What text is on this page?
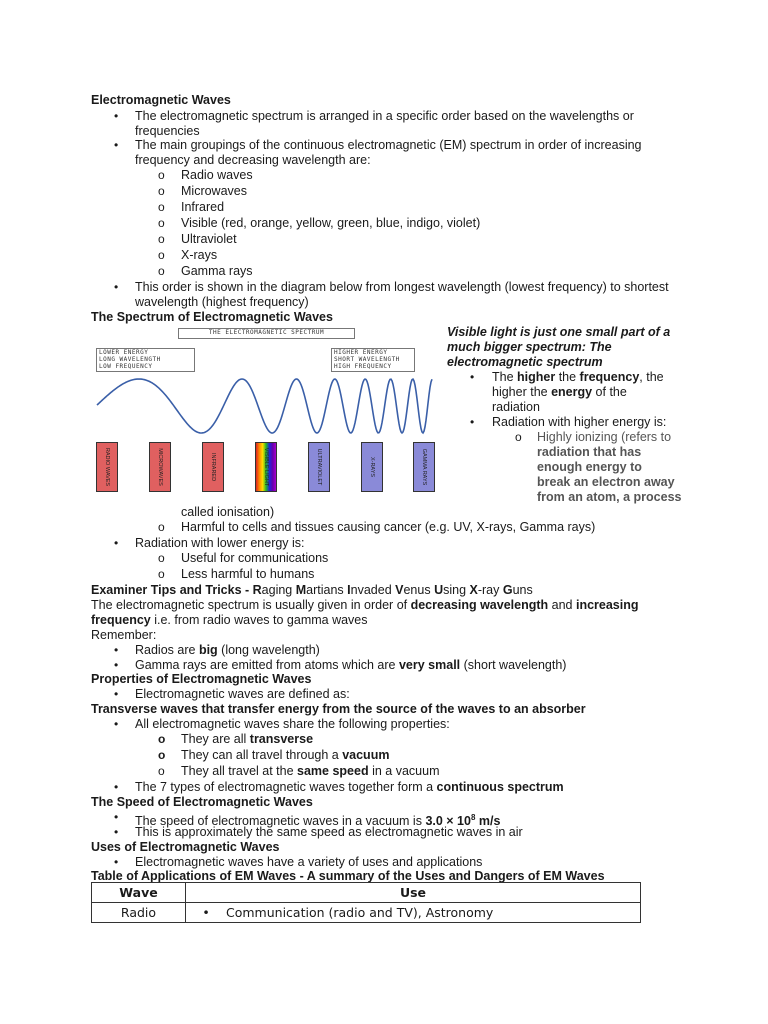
Electromagnetic Waves
• The electromagnetic spectrum is arranged in a specific order based on the wavelengths or
frequencies
• The main groupings of the continuous electromagnetic (EM) spectrum in order of increasing
frequency and decreasing wavelength are:
o Radio waves
o Microwaves
o Infrared
o Visible (red, orange, yellow, green, blue, indigo, violet)
o Ultraviolet
o X-rays
o Gamma rays
• This order is shown in the diagram below from longest wavelength (lowest frequency) to shortest
wavelength (highest frequency)
The Spectrum of Electromagnetic Waves
THE ELECTROMAGNETIC SPECTRUM
LOWER ENERGY
LONG WAVELENGTH
LOW FREQUENCY
HIGHER ENERGY
SHORT WAVELENGTH
HIGH FREQUENCY
RADIO WAVES	MICROWAVES	INFRARED	VISIBLE LIGHT	ULTRAVIOLET	X-RAYS	GAMMA RAYS
Visible light is just one small part of a
much bigger spectrum: The
electromagnetic spectrum
• The higher the frequency, the
higher the energy of the
radiation
• Radiation with higher energy is:
o Highly ionizing (refers to
radiation that has
enough energy to
break an electron away
from an atom, a process
called ionisation)
o Harmful to cells and tissues causing cancer (e.g. UV, X-rays, Gamma rays)
• Radiation with lower energy is:
o Useful for communications
o Less harmful to humans
Examiner Tips and Tricks - Raging Martians Invaded Venus Using X-ray Guns
The electromagnetic spectrum is usually given in order of decreasing wavelength and increasing
frequency i.e. from radio waves to gamma waves
Remember:
• Radios are big (long wavelength)
• Gamma rays are emitted from atoms which are very small (short wavelength)
Properties of Electromagnetic Waves
• Electromagnetic waves are defined as:
Transverse waves that transfer energy from the source of the waves to an absorber
• All electromagnetic waves share the following properties:
o They are all transverse
o They can all travel through a vacuum
o They all travel at the same speed in a vacuum
• The 7 types of electromagnetic waves together form a continuous spectrum
The Speed of Electromagnetic Waves
• The speed of electromagnetic waves in a vacuum is $3.0 \times 10^8$ m/s
• This is approximately the same speed as electromagnetic waves in air
Uses of Electromagnetic Waves
• Electromagnetic waves have a variety of uses and applications
Table of Applications of EM Waves - A summary of the Uses and Dangers of EM Waves
Wave	Use
Radio	• Communication (radio and TV), Astronomy
